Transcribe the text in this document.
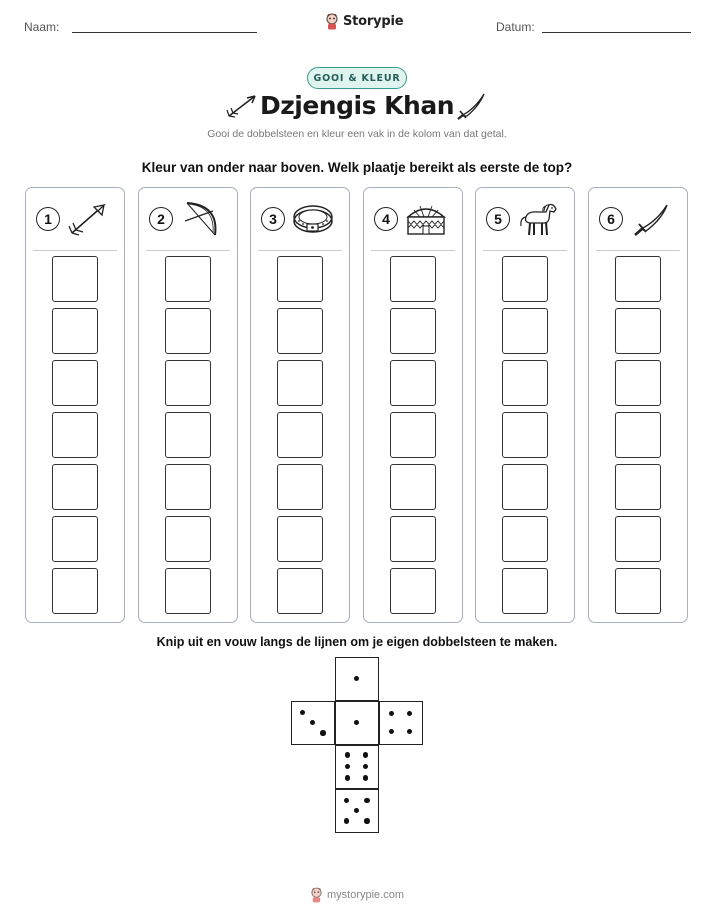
Naam:	Storypie	Datum:
GOOI & KLEUR
Dzjengis Khan
Gooi de dobbelsteen en kleur een vak in de kolom van dat getal.
Kleur van onder naar boven. Welk plaatje bereikt als eerste de top?
1	2	3	4	5	6
Knip uit en vouw langs de lijnen om je eigen dobbelsteen te maken.
mystorypie.com
